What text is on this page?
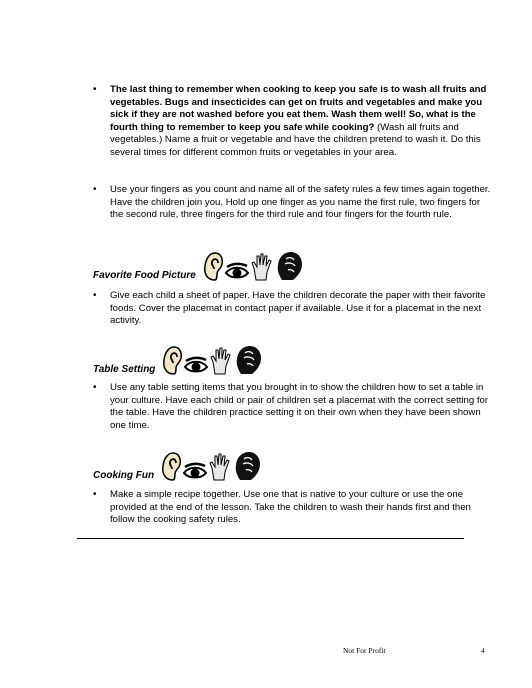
•	The last thing to remember when cooking to keep you safe is to wash all fruits and vegetables. Bugs and insecticides can get on fruits and vegetables and make you sick if they are not washed before you eat them. Wash them well! So, what is the fourth thing to remember to keep you safe while cooking? (Wash all fruits and vegetables.) Name a fruit or vegetable and have the children pretend to wash it. Do this several times for different common fruits or vegetables in your area.
•	Use your fingers as you count and name all of the safety rules a few times again together. Have the children join you. Hold up one finger as you name the first rule, two fingers for the second rule, three fingers for the third rule and four fingers for the fourth rule.
Favorite Food Picture
•	Give each child a sheet of paper. Have the children decorate the paper with their favorite foods. Cover the placemat in contact paper if available. Use it for a placemat in the next activity.
Table Setting
•	Use any table setting items that you brought in to show the children how to set a table in your culture. Have each child or pair of children set a placemat with the correct setting for the table. Have the children practice setting it on their own when they have been shown one time.
Cooking Fun
•	Make a simple recipe together. Use one that is native to your culture or use the one provided at the end of the lesson. Take the children to wash their hands first and then follow the cooking safety rules.
Not For Profit	4
